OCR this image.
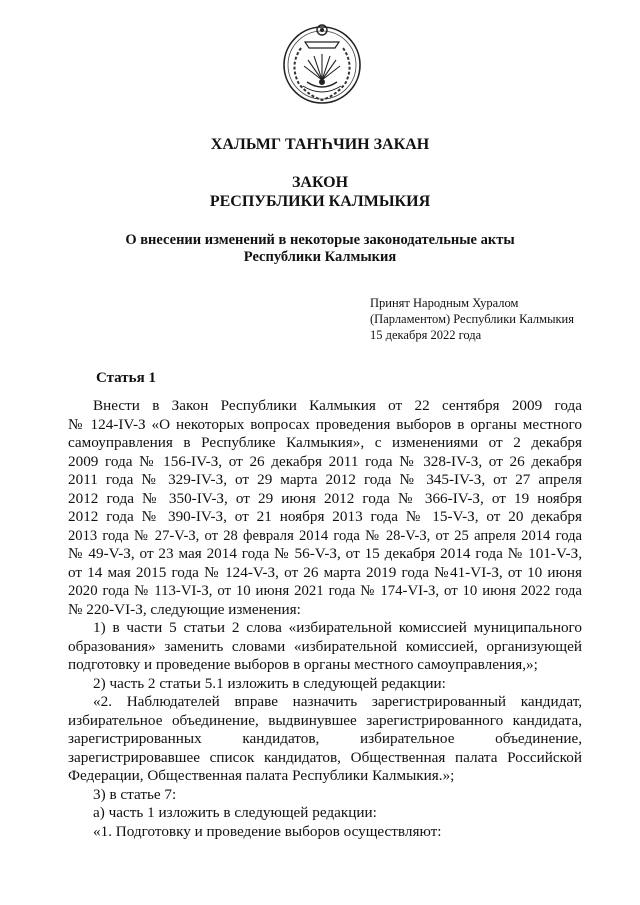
ХАЛЬМГ ТАҤҺЧИН ЗАКАН
ЗАКОН
РЕСПУБЛИКИ КАЛМЫКИЯ
О внесении изменений в некоторые законодательные акты
Республики Калмыкия
Принят Народным Хуралом
(Парламентом) Республики Калмыкия
15 декабря 2022 года
Статья 1

Внести в Закон Республики Калмыкия от 22 сентября 2009 года

№ 124-IV-З «О некоторых вопросах проведения выборов в органы местного

самоуправления в Республике Калмыкия», с изменениями от 2 декабря

2009 года № 156-IV-З, от 26 декабря 2011 года № 328-IV-З, от 26 декабря

2011 года № 329-IV-З, от 29 марта 2012 года № 345-IV-З, от 27 апреля

2012 года № 350-IV-З, от 29 июня 2012 года № 366-IV-З, от 19 ноября

2012 года № 390-IV-З, от 21 ноября 2013 года № 15-V-З, от 20 декабря

2013 года № 27-V-З, от 28 февраля 2014 года № 28-V-З, от 25 апреля 2014 года

№ 49-V-З, от 23 мая 2014 года № 56-V-З, от 15 декабря 2014 года № 101-V-З,

от 14 мая 2015 года № 124-V-З, от 26 марта 2019 года №41-VI-З, от 10 июня

2020 года № 113-VI-З, от 10 июня 2021 года № 174-VI-З, от 10 июня 2022 года

№ 220-VI-З, следующие изменения:

1) в части 5 статьи 2 слова «избирательной комиссией муниципального

образования» заменить словами «избирательной комиссией, организующей

подготовку и проведение выборов в органы местного самоуправления,»;

2) часть 2 статьи 5.1 изложить в следующей редакции:

«2. Наблюдателей вправе назначить зарегистрированный кандидат,

избирательное объединение, выдвинувшее зарегистрированного кандидата,

зарегистрированных кандидатов, избирательное объединение,

зарегистрировавшее список кандидатов, Общественная палата Российской

Федерации, Общественная палата Республики Калмыкия.»;

3) в статье 7:

а) часть 1 изложить в следующей редакции:

«1. Подготовку и проведение выборов осуществляют:
